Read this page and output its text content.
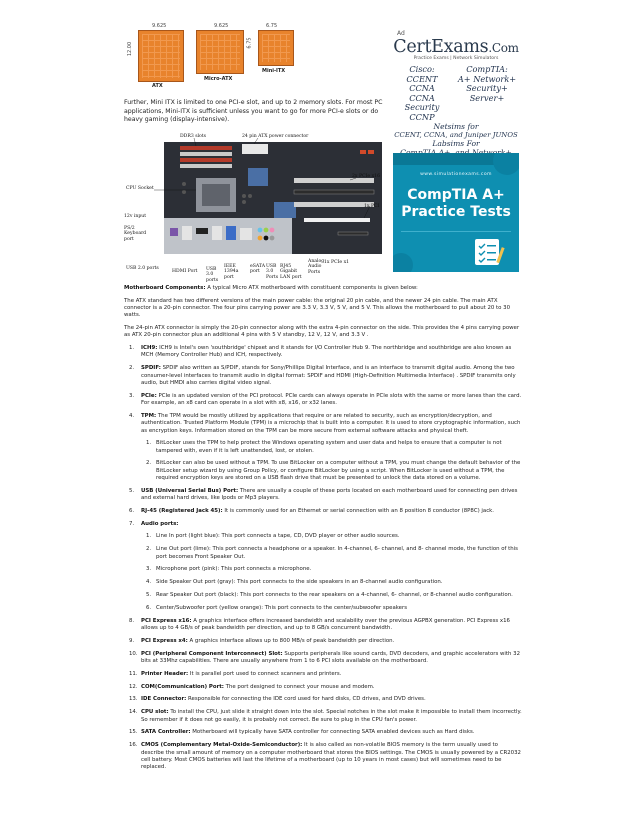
9.625
12.00
ATX
9.625
Micro-ATX
6.75
6.75
Mini-ITX
Further, Mini ITX is limited to one PCI-e slot, and up to 2 memory slots. For most PC applications, Mini-ITX is sufficient unless you want to go for more PCI-e slots or do heavy gaming (display-intensive).
Ad
CertExams.Com
Practice Exams | Network Simulators
Cisco: CCENT
CCNA
CCNA Security
CCNP
CompTIA:
A+ Network+
Security+
Server+
Netsims for
CCENT, CCNA, and Juniper JUNOS
Labsims For
www.simulationexams.com
CompTIA A+ Practice Tests
DDR3 slots	24 pin ATX power connector
CPU Socket
12v input
PS/2 Keyboard port
2x PCIe x16
1x PCI
1x PCIe x1
USB 2.0 ports
HDMI Port USB 3.0 ports
IEEE 1394a port
eSATA port
USB 3.0 Ports
RJ45 Gigabit LAN port
Analog Audio Ports

Motherboard Components: A typical Micro ATX motherboard with constituent components is given below:

The ATX standard has two different versions of the main power cable: the original 20 pin cable, and the newer 24 pin cable. The main ATX connector is a 20-pin connector. The four pins carrying power are 3.3 V, 3.3 V, 5 V, and 5 V. This allows the motherboard to pull about 20 to 30 watts.

The 24-pin ATX connector is simply the 20-pin connector along with the extra 4-pin connector on the side. This provides the 4 pins carrying power as ATX 20-pin connector plus an additional 4 pins with 5 V standby, 12 V, 12 V, and 3.3 V .

1. ICH9: ICH9 is Intel's own 'southbridge' chipset and it stands for I/O Controller Hub 9. The northbridge and southbridge are also known as MCH (Memory Controller Hub) and ICH, respectively.
2. SPDIF: SPDIF also written as S/PDIF, stands for Sony/Phillips Digital Interface, and is an interface to transmit digital audio. Among the two consumer-level interfaces to transmit audio in digital format: SPDIF and HDMI (High-Definition Multimedia Interface) . SPDIF transmits only audio, but HMDI also carries digital video signal.
3. PCIe: PCIe is an updated version of the PCI protocol. PCIe cards can always operate in PCIe slots with the same or more lanes than the card. For example, an x8 card can operate in a slot with x8, x16, or x32 lanes.
4. TPM: The TPM would be mostly utilized by applications that require or are related to security, such as encryption/decryption, and authentication. Trusted Platform Module (TPM) is a microchip that is built into a computer. It is used to store cryptographic information, such as encryption keys. Information stored on the TPM can be more secure from external software attacks and physical theft.
1. BitLocker uses the TPM to help protect the Windows operating system and user data and helps to ensure that a computer is not tampered with, even if it is left unattended, lost, or stolen.
2. BitLocker can also be used without a TPM. To use BitLocker on a computer without a TPM, you must change the default behavior of the BitLocker setup wizard by using Group Policy, or configure BitLocker by using a script. When BitLocker is used without a TPM, the required encryption keys are stored on a USB flash drive that must be presented to unlock the data stored on a volume.
5. USB (Universal Serial Bus) Port: There are usually a couple of these ports located on each motherboard used for connecting pen drives and external hard drives, like Ipods or Mp3 players.
6. RJ-45 (Registered Jack 45): It is commonly used for an Ethernet or serial connection with an 8 position 8 conductor (8P8C) jack.
7. Audio ports:
1. Line In port (light blue): This port connects a tape, CD, DVD player or other audio sources.
2. Line Out port (lime): This port connects a headphone or a speaker. In 4-channel, 6- channel, and 8- channel mode, the function of this port becomes Front Speaker Out.
3. Microphone port (pink): This port connects a microphone.
4. Side Speaker Out port (gray): This port connects to the side speakers in an 8-channel audio configuration.
5. Rear Speaker Out port (black): This port connects to the rear speakers on a 4-channel, 6- channel, or 8-channel audio configuration.
6. Center/Subwoofer port (yellow orange): This port connects to the center/subwoofer speakers
8. PCI Express x16: A graphics interface offers increased bandwidth and scalability over the previous AGPBX generation. PCI Express x16 allows up to 4 GB/s of peak bandwidth per direction, and up to 8 GB/s concurrent bandwidth.
9. PCI Express x4: A graphics interface allows up to 800 MB/s of peak bandwidth per direction.
10. PCI (Peripheral Component Interconnect) Slot: Supports peripherals like sound cards, DVD decoders, and graphic accelerators with 32 bits at 33Mhz capabilities. There are usually anywhere from 1 to 6 PCI slots available on the motherboard.
11. Printer Header: It is parallel port used to connect scanners and printers.
12. COM(Communication) Port: The port designed to connect your mouse and modem.
13. IDE Connector: Responsible for connecting the IDE cord used for hard disks, CD drives, and DVD drives.
14. CPU slot: To install the CPU, just slide it straight down into the slot. Special notches in the slot make it impossible to install them incorrectly. So remember if it does not go easily, it is probably not correct. Be sure to plug in the CPU fan's power.
15. SATA Controller: Motherboard will typically have SATA controller for connecting SATA enabled devices such as Hard disks.
16. CMOS (Complementary Metal-Oxide-Semiconductor): It is also called as non-volatile BIOS memory is the term usually used to describe the small amount of memory on a computer motherboard that stores the BIOS settings. The CMOS is usually powered by a CR2032 cell battery. Most CMOS batteries will last the lifetime of a motherboard (up to 10 years in most cases) but will sometimes need to be replaced.
